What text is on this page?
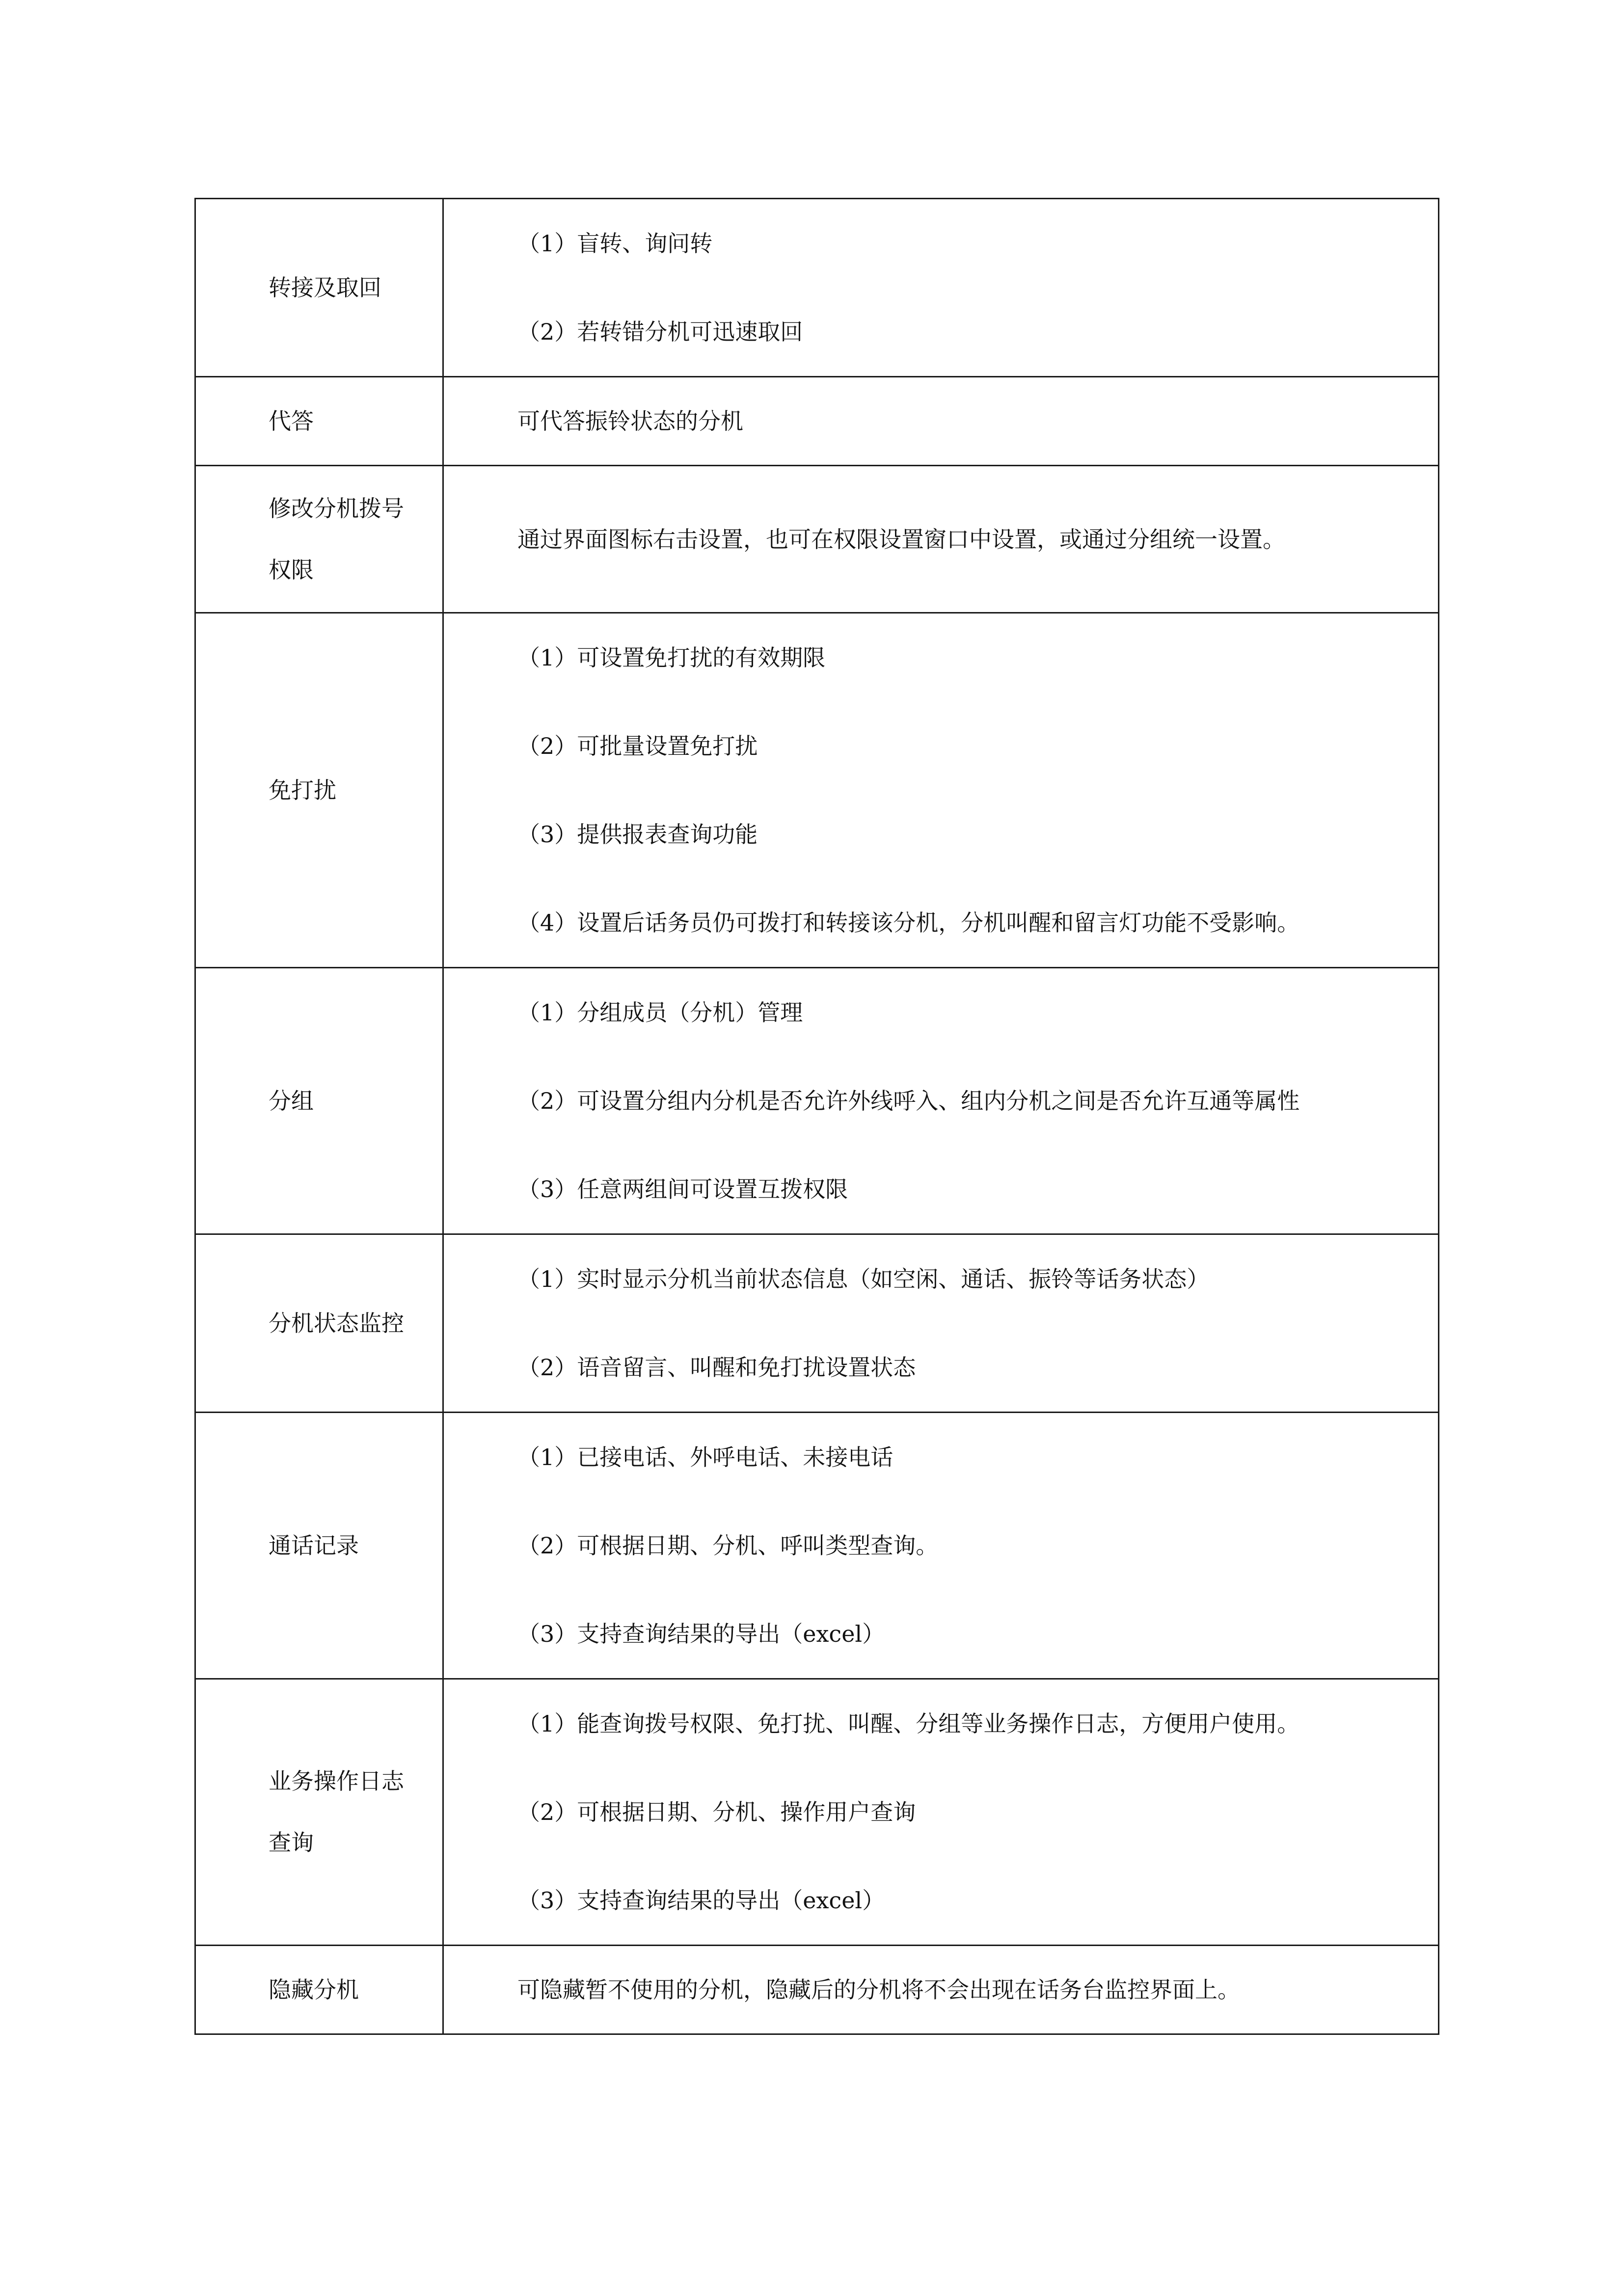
转接及取回	（1）盲转、询问转
（2）若转错分机可迅速取回

代答	可代答振铃状态的分机

修改分机拨号
权限	通过界面图标右击设置，也可在权限设置窗口中设置，或通过分组统一设置。

免打扰	（1）可设置免打扰的有效期限
（2）可批量设置免打扰
（3）提供报表查询功能
（4）设置后话务员仍可拨打和转接该分机，分机叫醒和留言灯功能不受影响。

分组	（1）分组成员（分机）管理
（2）可设置分组内分机是否允许外线呼入、组内分机之间是否允许互通等属性
（3）任意两组间可设置互拨权限

分机状态监控	（1）实时显示分机当前状态信息（如空闲、通话、振铃等话务状态）
（2）语音留言、叫醒和免打扰设置状态

通话记录	（1）已接电话、外呼电话、未接电话
（2）可根据日期、分机、呼叫类型查询。
（3）支持查询结果的导出（excel）

业务操作日志
查询	（1）能查询拨号权限、免打扰、叫醒、分组等业务操作日志，方便用户使用。
（2）可根据日期、分机、操作用户查询
（3）支持查询结果的导出（excel）

隐藏分机	可隐藏暂不使用的分机，隐藏后的分机将不会出现在话务台监控界面上。
